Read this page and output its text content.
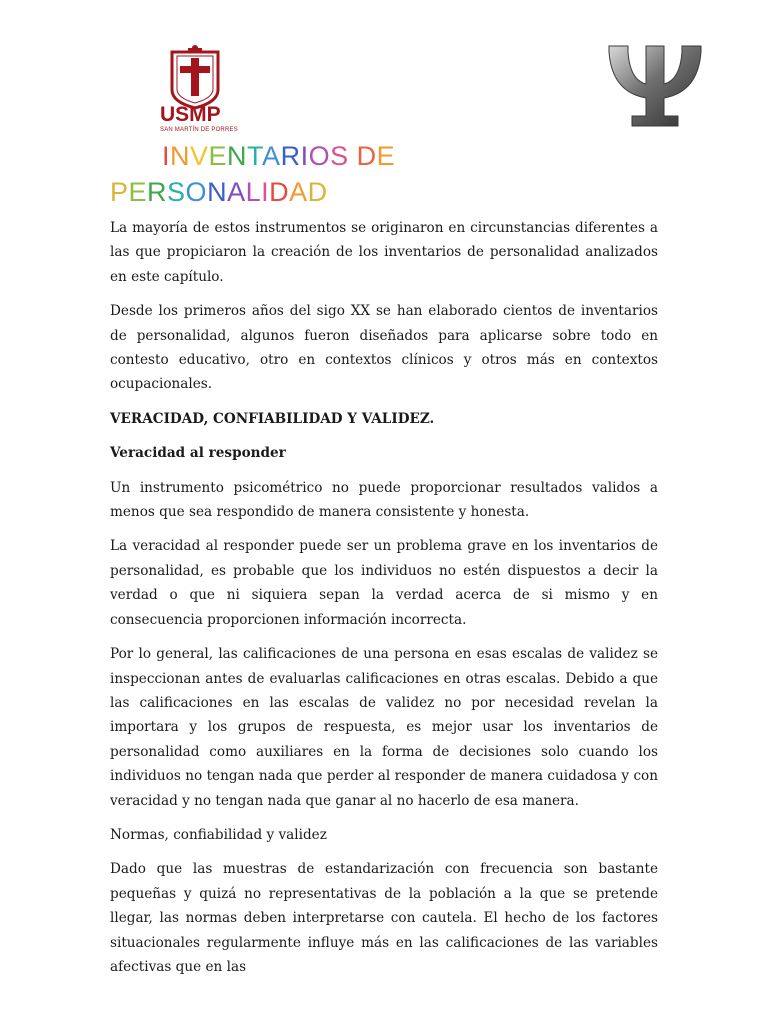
USMP
SAN MARTÍN DE PORRES
INVENTARIOS DE
PERSONALIDAD

La mayoría de estos instrumentos se originaron en circunstancias diferentes a las que propiciaron la creación de los inventarios de personalidad analizados en este capítulo.

Desde los primeros años del sigo XX se han elaborado cientos de inventarios de personalidad, algunos fueron diseñados para aplicarse sobre todo en contesto educativo, otro en contextos clínicos y otros más en contextos ocupacionales.

VERACIDAD, CONFIABILIDAD Y VALIDEZ.

Veracidad al responder

Un instrumento psicométrico no puede proporcionar resultados validos a menos que sea respondido de manera consistente y honesta.

La veracidad al responder puede ser un problema grave en los inventarios de personalidad, es probable que los individuos no estén dispuestos a decir la verdad o que ni siquiera sepan la verdad acerca de si mismo y en consecuencia proporcionen información incorrecta.

Por lo general, las calificaciones de una persona en esas escalas de validez se inspeccionan antes de evaluarlas calificaciones en otras escalas. Debido a que las calificaciones en las escalas de validez no por necesidad revelan la importara y los grupos de respuesta, es mejor usar los inventarios de personalidad como auxiliares en la forma de decisiones solo cuando los individuos no tengan nada que perder al responder de manera cuidadosa y con veracidad y no tengan nada que ganar al no hacerlo de esa manera.

Normas, confiabilidad y validez

Dado que las muestras de estandarización con frecuencia son bastante pequeñas y quizá no representativas de la población a la que se pretende llegar, las normas deben interpretarse con cautela. El hecho de los factores situacionales regularmente influye más en las calificaciones de las variables afectivas que en las
